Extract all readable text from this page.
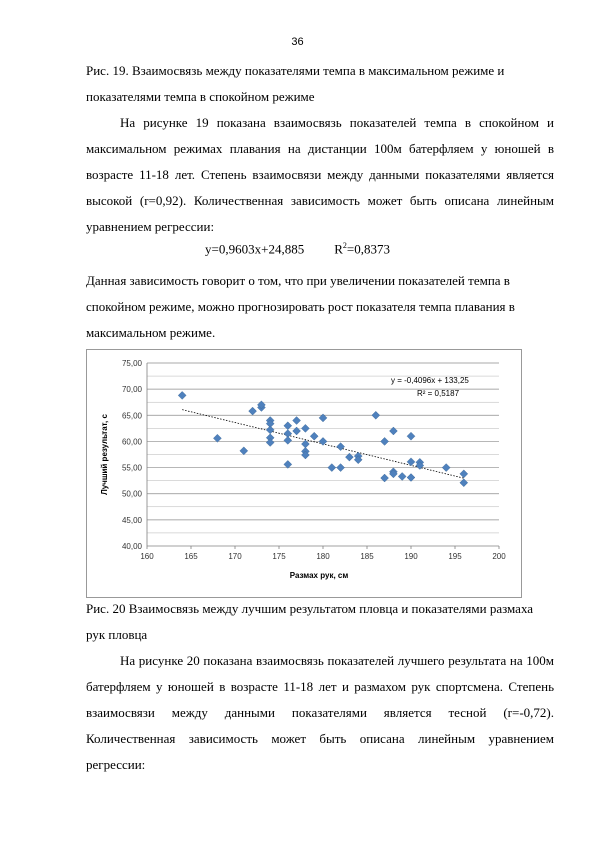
36

Рис. 19. Взаимосвязь между показателями темпа в максимальном режиме и показателями темпа в спокойном режиме

На рисунке 19 показана взаимосвязь показателей темпа в спокойном и максимальном режимах плавания на дистанции 100м батерфляем у юношей в возрасте 11-18 лет. Степень взаимосвязи между данными показателями является высокой (r=0,92). Количественная зависимость может быть описана линейным уравнением регрессии:

y=0,9603x+24,885 $R^2=0,8373$

Данная зависимость говорит о том, что при увеличении показателей темпа в спокойном режиме, можно прогнозировать рост показателя темпа плавания в максимальном режиме.

40,00
45,00
50,00
55,00
60,00
65,00
70,00
75,00
160	165	170	175	180	185	190	195	200
Размах рук, см
Лучший результат, с
y = -0,4096x + 133,25
R² = 0,5187

Рис. 20 Взаимосвязь между лучшим результатом пловца и показателями размаха рук пловца

На рисунке 20 показана взаимосвязь показателей лучшего результата на 100м батерфляем у юношей в возрасте 11-18 лет и размахом рук спортсмена. Степень взаимосвязи между данными показателями является тесной (r=-0,72). Количественная зависимость может быть описана линейным уравнением регрессии:
